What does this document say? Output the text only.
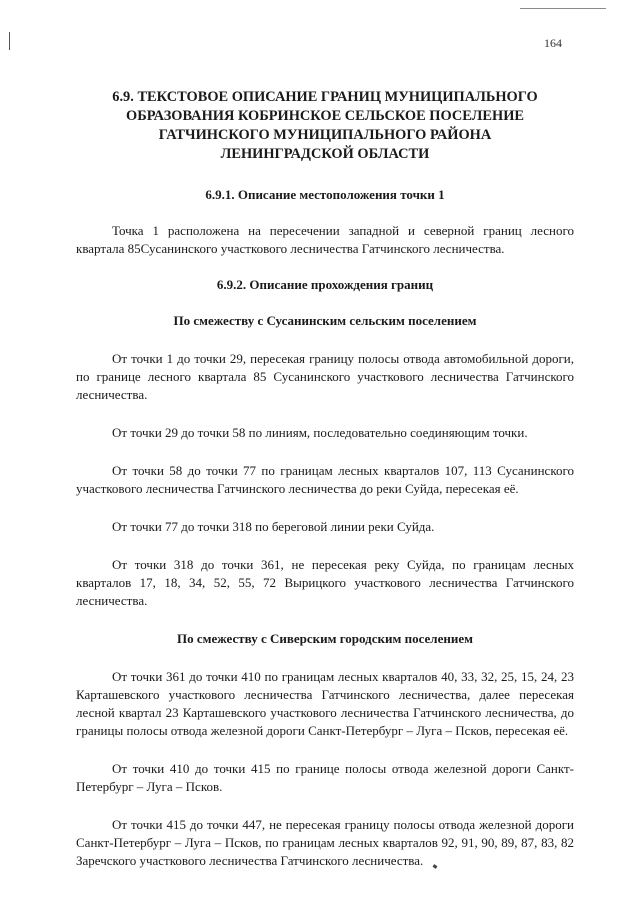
164
6.9. ТЕКСТОВОЕ ОПИСАНИЕ ГРАНИЦ МУНИЦИПАЛЬНОГО ОБРАЗОВАНИЯ КОБРИНСКОЕ СЕЛЬСКОЕ ПОСЕЛЕНИЕ ГАТЧИНСКОГО МУНИЦИПАЛЬНОГО РАЙОНА ЛЕНИНГРАДСКОЙ ОБЛАСТИ
6.9.1. Описание местоположения точки 1
Точка 1 расположена на пересечении западной и северной границ лесного квартала 85Сусанинского участкового лесничества Гатчинского лесничества.
6.9.2. Описание прохождения границ
По смежеству с Сусанинским сельским поселением
От точки 1 до точки 29, пересекая границу полосы отвода автомобильной дороги, по границе лесного квартала 85 Сусанинского участкового лесничества Гатчинского лесничества.
От точки 29 до точки 58 по линиям, последовательно соединяющим точки.
От точки 58 до точки 77 по границам лесных кварталов 107, 113 Сусанинского участкового лесничества Гатчинского лесничества до реки Суйда, пересекая её.
От точки 77 до точки 318 по береговой линии реки Суйда.
От точки 318 до точки 361, не пересекая реку Суйда, по границам лесных кварталов 17, 18, 34, 52, 55, 72 Вырицкого участкового лесничества Гатчинского лесничества.
По смежеству с Сиверским городским поселением
От точки 361 до точки 410 по границам лесных кварталов 40, 33, 32, 25, 15, 24, 23 Карташевского участкового лесничества Гатчинского лесничества, далее пересекая лесной квартал 23 Карташевского участкового лесничества Гатчинского лесничества, до границы полосы отвода железной дороги Санкт-Петербург – Луга – Псков, пересекая её.
От точки 410 до точки 415 по границе полосы отвода железной дороги Санкт-Петербург – Луга – Псков.
От точки 415 до точки 447, не пересекая границу полосы отвода железной дороги Санкт-Петербург – Луга – Псков, по границам лесных кварталов 92, 91, 90, 89, 87, 83, 82 Заречского участкового лесничества Гатчинского лесничества.
